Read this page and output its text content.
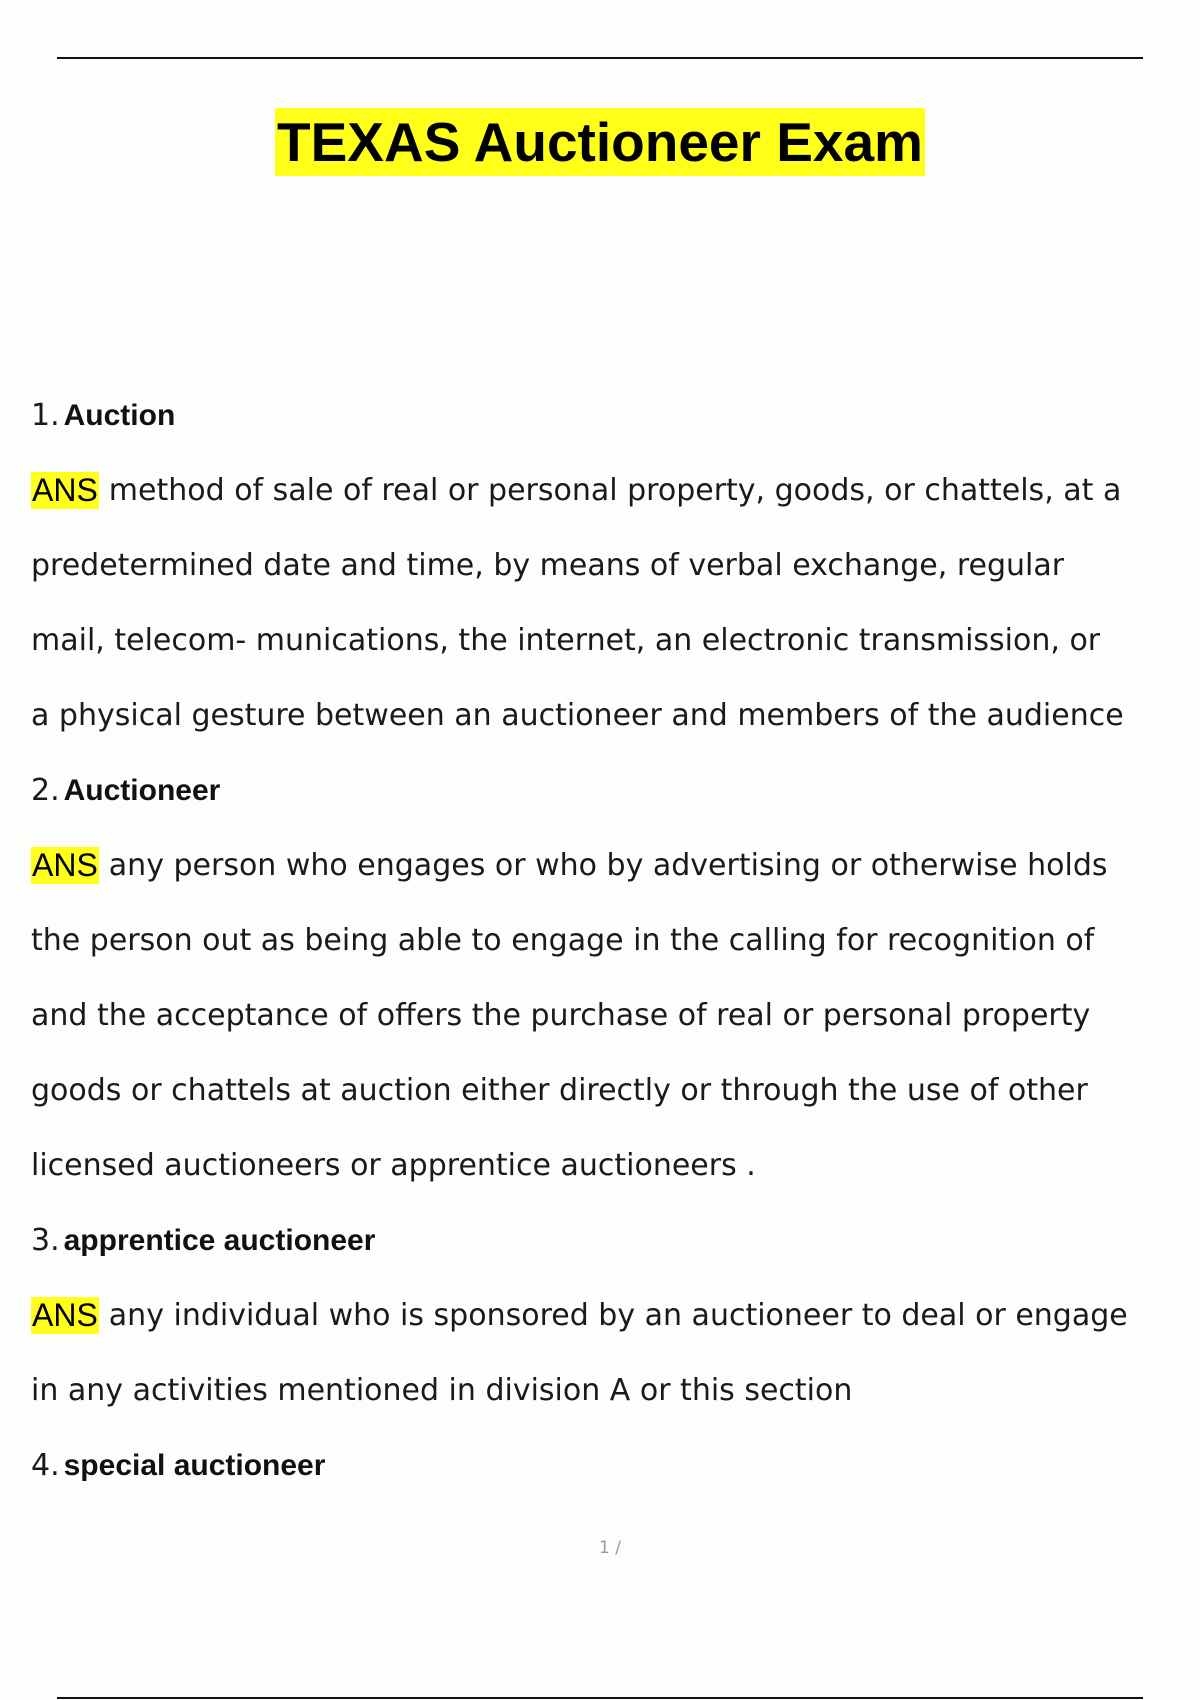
TEXAS Auctioneer Exam
1. Auction
ANS method of sale of real or personal property, goods, or chattels, at a
predetermined date and time, by means of verbal exchange, regular
mail, telecom- munications, the internet, an electronic transmission, or
a physical gesture between an auctioneer and members of the audience
2. Auctioneer
ANS any person who engages or who by advertising or otherwise holds
the person out as being able to engage in the calling for recognition of
and the acceptance of offers the purchase of real or personal property
goods or chattels at auction either directly or through the use of other
licensed auctioneers or apprentice auctioneers .
3. apprentice auctioneer
ANS any individual who is sponsored by an auctioneer to deal or engage
in any activities mentioned in division A or this section
4. special auctioneer
1 /
